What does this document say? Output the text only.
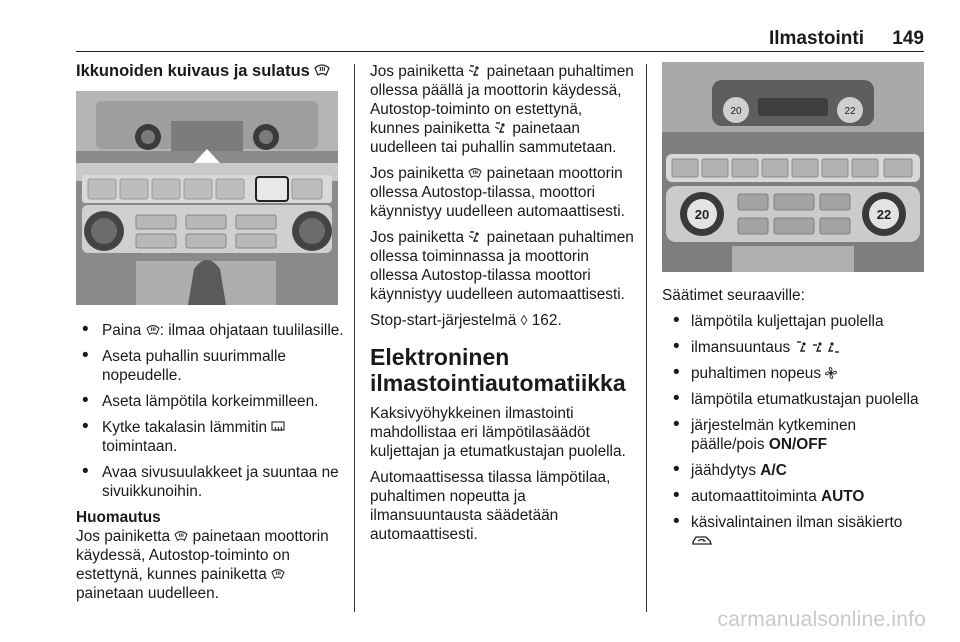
Ilmastointi 149
Ikkunoiden kuivaus ja sulatus
• Paina : ilmaa ohjataan tuulilasille.
• Aseta puhallin suurimmalle nopeudelle.
• Aseta lämpötila korkeimmilleen.
• Kytke takalasin lämmitin  toimintaan.
• Avaa sivusuulakkeet ja suuntaa ne sivuikkunoihin.
Huomautus

Jos painiketta  painetaan moottorin käydessä, Autostop-toiminto on estettynä, kunnes painiketta  painetaan uudelleen.

Jos painiketta  painetaan puhaltimen ollessa päällä ja moottorin käydessä, Autostop-toiminto on estettynä, kunnes painiketta  painetaan uudelleen tai puhallin sammutetaan.

Jos painiketta  painetaan moottorin ollessa Autostop-tilassa, moottori käynnistyy uudelleen automaattisesti.

Jos painiketta  painetaan puhaltimen ollessa toiminnassa ja moottorin ollessa Autostop-tilassa moottori käynnistyy uudelleen automaattisesti.

Stop-start-järjestelmä ◊ 162.

Elektroninen ilmastointiautomatiikka

Kaksivyöhykkeinen ilmastointi mahdollistaa eri lämpötilasäädöt kuljettajan ja etumatkustajan puolella.

Automaattisessa tilassa lämpötilaa, puhaltimen nopeutta ja ilmansuuntausta säädetään automaattisesti.

20	22
20	22

Säätimet seuraaville:

• lämpötila kuljettajan puolella
• ilmansuuntaus
• puhaltimen nopeus
• lämpötila etumatkustajan puolella
• järjestelmän kytkeminen päälle/pois ON/OFF
• jäähdytys A/C
• automaattitoiminta AUTO
• käsivalintainen ilman sisäkierto

carmanualsonline.info
